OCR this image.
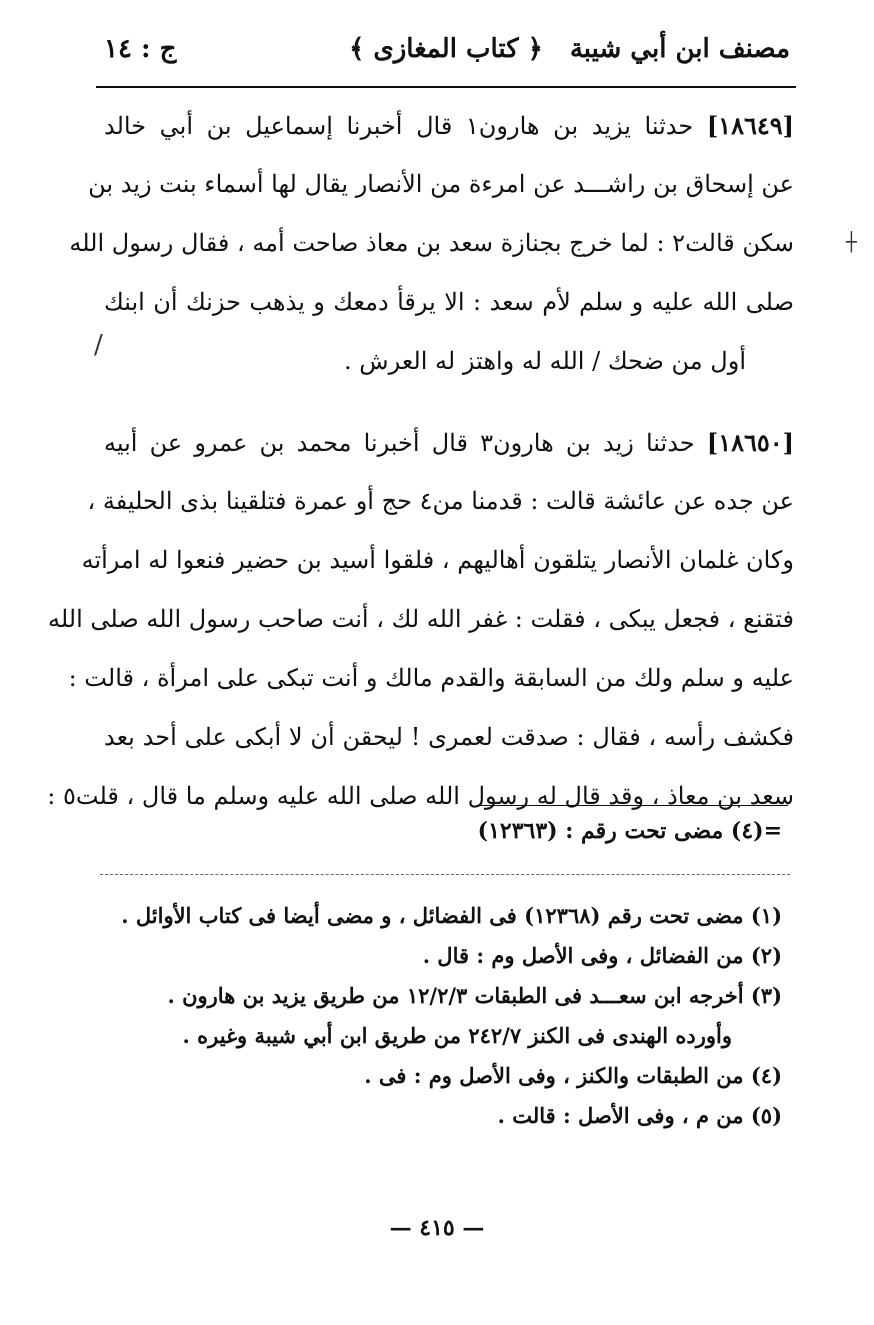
مصنف ابن أبي شيبة
﴿ كتاب المغازى ﴾
ج : ١٤
[١٨٦٤٩] حدثنا يزيد بن هارون١ قال أخبرنا إسماعيل بن أبي خالد
عن إسحاق بن راشـــد عن امرءة من الأنصار يقال لها أسماء بنت زيد بن
سكن قالت٢ : لما خرج بجنازة سعد بن معاذ صاحت أمه ، فقال رسول الله
صلى الله عليه و سلم لأم سعد : الا يرقأ دمعك و يذهب حزنك أن ابنك
أول من ضحك / الله له واهتز له العرش .
[١٨٦٥٠] حدثنا زيد بن هارون٣ قال أخبرنا محمد بن عمرو عن أبيه
عن جده عن عائشة قالت : قدمنا من٤ حج أو عمرة فتلقينا بذى الحليفة ،
وكان غلمان الأنصار يتلقون أهاليهم ، فلقوا أسيد بن حضير فنعوا له امرأته
فتقنع ، فجعل يبكى ، فقلت : غفر الله لك ، أنت صاحب رسول الله صلى الله
عليه و سلم ولك من السابقة والقدم مالك و أنت تبكى على امرأة ، قالت :
فكشف رأسه ، فقال : صدقت لعمرى ! ليحقن أن لا أبكى على أحد بعد
سعد بن معاذ ، وقد قال له رسول الله صلى الله عليه وسلم ما قال ، قلت٥ :
=(٤) مضى تحت رقم : (١٢٣٦٣)
(١) مضى تحت رقم (١٢٣٦٨) فى الفضائل ، و مضى أيضا فى كتاب الأوائل .
(٢) من الفضائل ، وفى الأصل وم : قال .
(٣) أخرجه ابن سعـــد فى الطبقات ١٢/٢/٣ من طريق يزيد بن هارون .
وأورده الهندى فى الكنز ٢٤٢/٧ من طريق ابن أبي شيبة وغيره .
(٤) من الطبقات والكنز ، وفى الأصل وم : فى .
(٥) من م ، وفى الأصل : قالت .
— ٤١٥ —
┼
/
